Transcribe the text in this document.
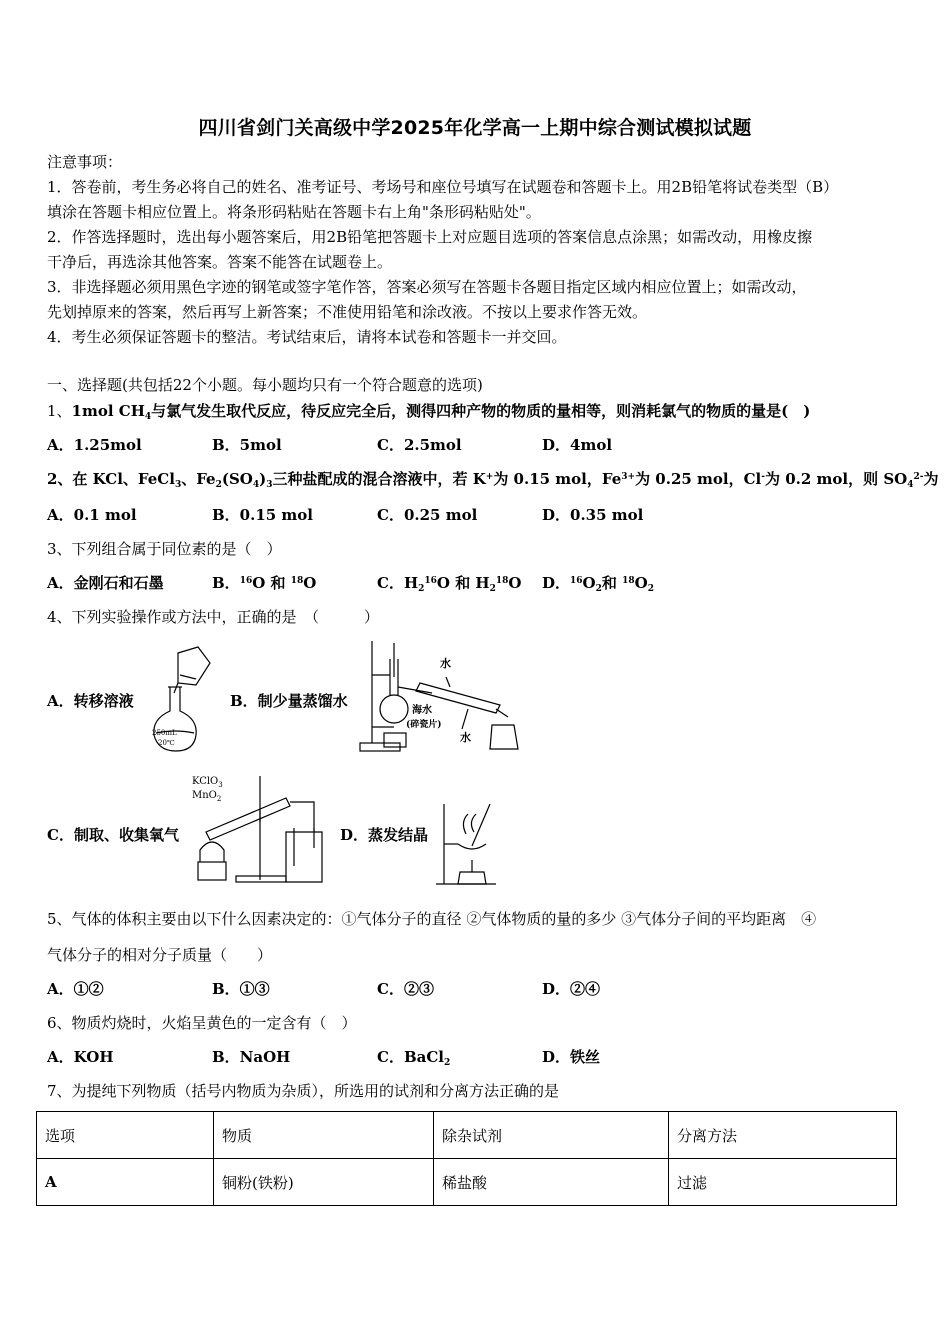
四川省剑门关高级中学2025年化学高一上期中综合测试模拟试题
注意事项：
1．答卷前，考生务必将自己的姓名、准考证号、考场号和座位号填写在试题卷和答题卡上。用2B铅笔将试卷类型（B）
填涂在答题卡相应位置上。将条形码粘贴在答题卡右上角"条形码粘贴处"。
2．作答选择题时，选出每小题答案后，用2B铅笔把答题卡上对应题目选项的答案信息点涂黑；如需改动，用橡皮擦
干净后，再选涂其他答案。答案不能答在试题卷上。
3．非选择题必须用黑色字迹的钢笔或签字笔作答，答案必须写在答题卡各题目指定区域内相应位置上；如需改动，
先划掉原来的答案，然后再写上新答案；不准使用铅笔和涂改液。不按以上要求作答无效。
4．考生必须保证答题卡的整洁。考试结束后，请将本试卷和答题卡一并交回。
一、选择题(共包括22个小题。每小题均只有一个符合题意的选项)
1、1mol $CH_4$与氯气发生取代反应，待反应完全后，测得四种产物的物质的量相等，则消耗氯气的物质的量是(　)
A．1.25mol	B．5mol	C．2.5mol	D．4mol
2、在 KCl、FeCl$_3$、$Fe_2(SO_4)_3$三种盐配成的混合溶液中，若 K+为 0.15 mol，$Fe^{3+}$为 0.25 mol，Cl-为 0.2 mol，则 $SO_4^{2-}$为
A．0.1 mol	B．0.15 mol	C．0.25 mol	D．0.35 mol
3、下列组合属于同位素的是（　）
A．金刚石和石墨	B．$^{16}$O 和 $^{18}$O	C．$H_2^{16}O$ 和 $H_2^{18}O$ D．$^{16}O_2$和 $^{18}O_2$
4、下列实验操作或方法中，正确的是　（　　　）
A．转移溶液	B．制少量蒸馏水
C．制取、收集氧气	D．蒸发结晶
250mL
20℃
水
水
海水
(碎瓷片)
KClO$_3$
MnO$_2$
5、气体的体积主要由以下什么因素决定的：①气体分子的直径 ②气体物质的量的多少 ③气体分子间的平均距离　④
气体分子的相对分子质量（　　）
A．①②	B．①③	C．②③	D．②④
6、物质灼烧时，火焰呈黄色的一定含有（　）
A．KOH	B．NaOH	C．BaCl$_2$	D．铁丝
7、为提纯下列物质（括号内物质为杂质），所选用的试剂和分离方法正确的是
选项	物质	除杂试剂	分离方法
A	铜粉(铁粉)	稀盐酸	过滤
